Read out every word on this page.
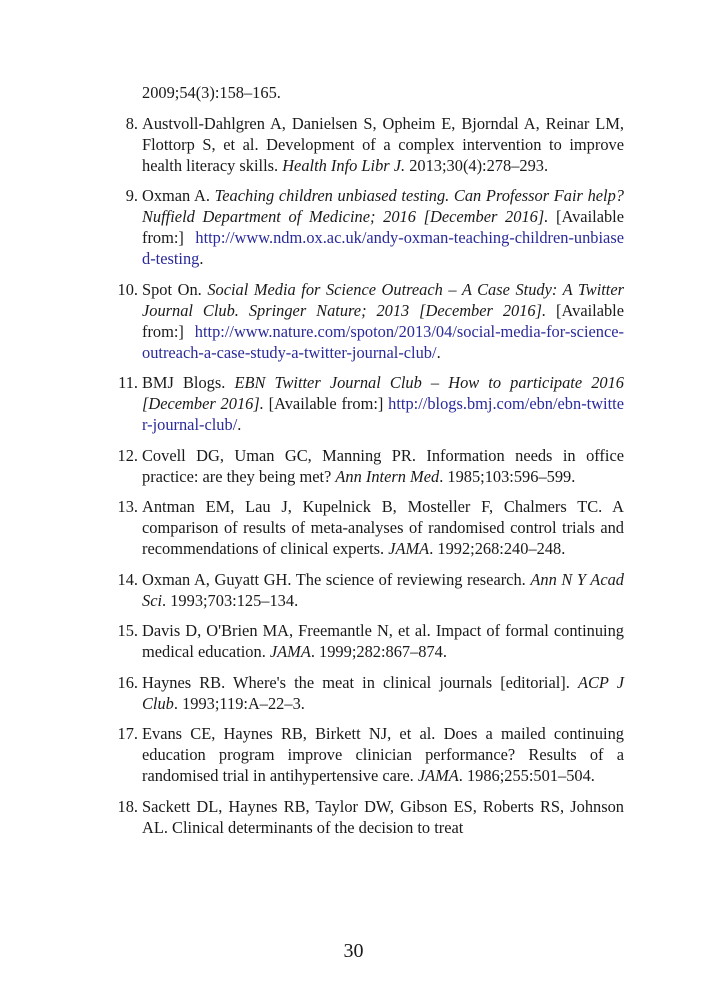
2009;54(3):158–165.
8. Austvoll-Dahlgren A, Danielsen S, Opheim E, Bjorndal A, Reinar LM, Flottorp S, et al. Development of a complex intervention to improve health literacy skills. Health Info Libr J. 2013;30(4):278–293.
9. Oxman A. Teaching children unbiased testing. Can Professor Fair help? Nuffield Department of Medicine; 2016 [December 2016]. [Available from:] http://www.ndm.ox.ac.uk/andy-oxman-teaching-children-unbiased-testing.
10. Spot On. Social Media for Science Outreach – A Case Study: A Twitter Journal Club. Springer Nature; 2013 [December 2016]. [Available from:] http://www.nature.com/spoton/2013/04/social-media-for-science-outreach-a-case-study-a-twitter-journal-club/.
11. BMJ Blogs. EBN Twitter Journal Club – How to participate 2016 [December 2016]. [Available from:] http://blogs.bmj.com/ebn/ebn-twitter-journal-club/.
12. Covell DG, Uman GC, Manning PR. Information needs in office practice: are they being met? Ann Intern Med. 1985;103:596–599.
13. Antman EM, Lau J, Kupelnick B, Mosteller F, Chalmers TC. A comparison of results of meta-analyses of randomised control trials and recommendations of clinical experts. JAMA. 1992;268:240–248.
14. Oxman A, Guyatt GH. The science of reviewing research. Ann N Y Acad Sci. 1993;703:125–134.
15. Davis D, O'Brien MA, Freemantle N, et al. Impact of formal continuing medical education. JAMA. 1999;282:867–874.
16. Haynes RB. Where's the meat in clinical journals [editorial]. ACP J Club. 1993;119:A–22–3.
17. Evans CE, Haynes RB, Birkett NJ, et al. Does a mailed continuing education program improve clinician performance? Results of a randomised trial in antihypertensive care. JAMA. 1986;255:501–504.
18. Sackett DL, Haynes RB, Taylor DW, Gibson ES, Roberts RS, Johnson AL. Clinical determinants of the decision to treat
30
